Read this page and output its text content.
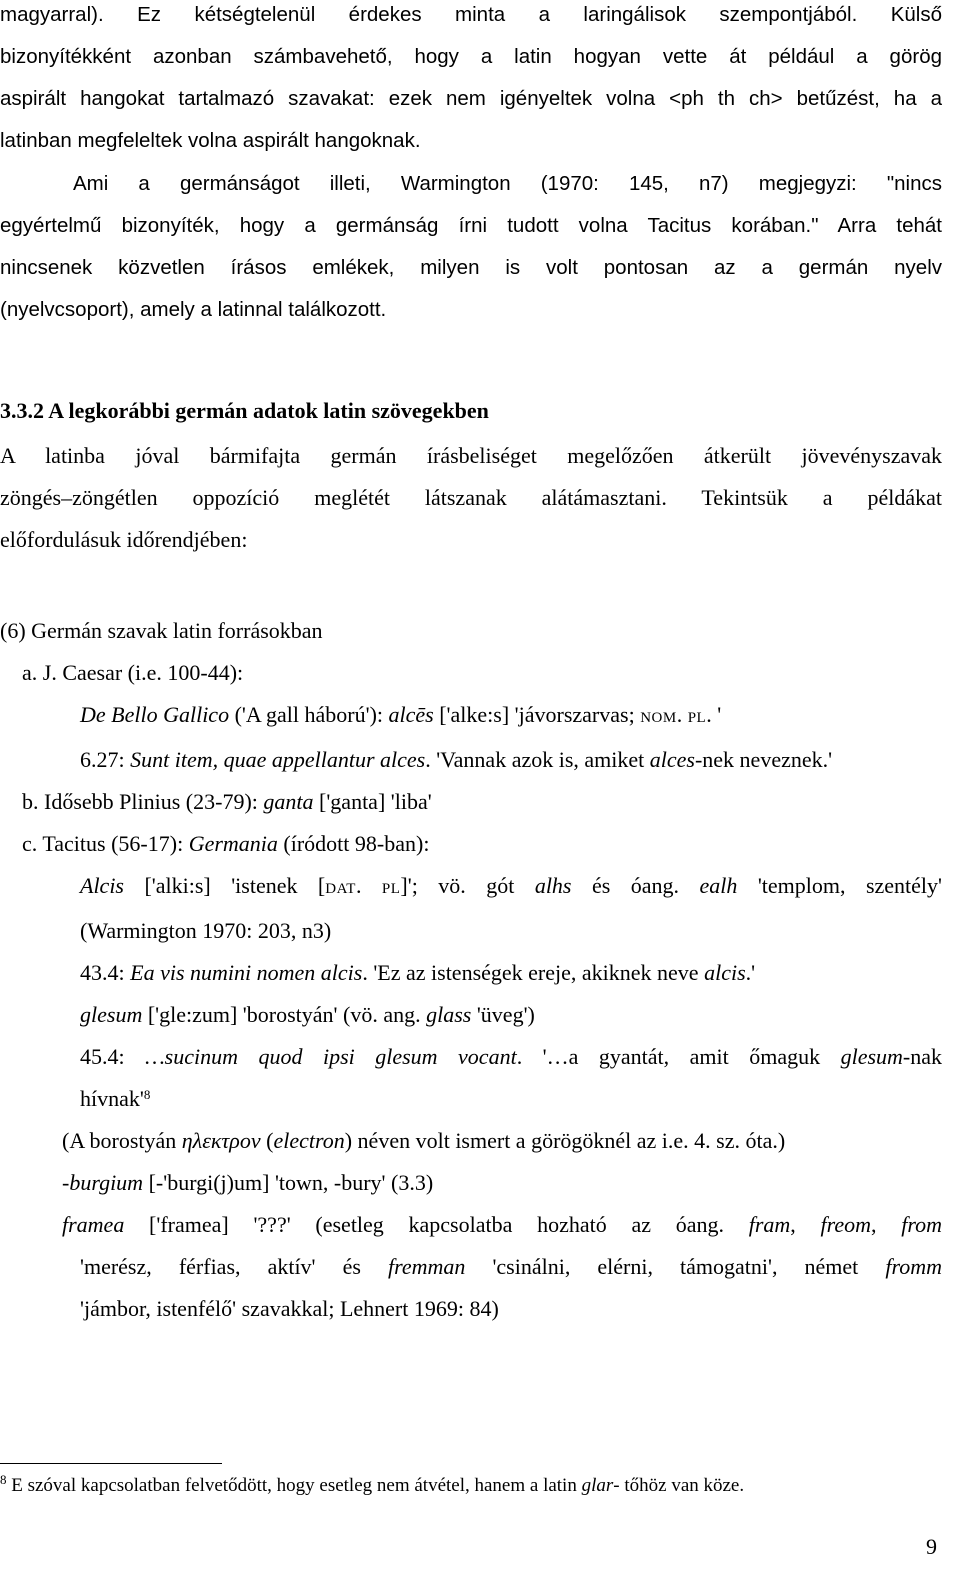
magyarral). Ez kétségtelenül érdekes minta a laringálisok szempontjából. Külső
bizonyítékként azonban számbavehető, hogy a latin hogyan vette át például a görög
aspirált hangokat tartalmazó szavakat: ezek nem igényeltek volna <ph th ch> betűzést, ha a
latinban megfeleltek volna aspirált hangoknak.
Ami a germánságot illeti, Warmington (1970: 145, n7) megjegyzi: "nincs
egyértelmű bizonyíték, hogy a germánság írni tudott volna Tacitus korában." Arra tehát
nincsenek közvetlen írásos emlékek, milyen is volt pontosan az a germán nyelv
(nyelvcsoport), amely a latinnal találkozott.
3.3.2 A legkorábbi germán adatok latin szövegekben
A latinba jóval bármifajta germán írásbeliséget megelőzően átkerült jövevényszavak
zöngés–zöngétlen oppozíció meglétét látszanak alátámasztani. Tekintsük a példákat
előfordulásuk időrendjében:
(6) Germán szavak latin forrásokban
a. J. Caesar (i.e. 100-44):
De Bello Gallico ('A gall háború'): alcēs ['alke:s] 'jávorszarvas; NOM. PL. '
6.27: Sunt item, quae appellantur alces. 'Vannak azok is, amiket alces-nek neveznek.'
b. Idősebb Plinius (23-79): ganta ['ganta] 'liba'
c. Tacitus (56-17): Germania (íródott 98-ban):
Alcis ['alki:s] 'istenek [DAT. PL]'; vö. gót alhs és óang. ealh 'templom, szentély'
(Warmington 1970: 203, n3)
43.4: Ea vis numini nomen alcis. 'Ez az istenségek ereje, akiknek neve alcis.'
glesum ['gle:zum] 'borostyán' (vö. ang. glass 'üveg')
45.4: …sucinum quod ipsi glesum vocant. '…a gyantát, amit őmaguk glesum-nak
$hívnak'^8$
(A borostyán ηλεκτρον (electron) néven volt ismert a görögöknél az i.e. 4. sz. óta.)
-burgium [-'burgi(j)um] 'town, -bury' (3.3)
framea ['framea] '???' (esetleg kapcsolatba hozható az óang. fram, freom, from
'merész, férfias, aktív' és fremman 'csinálni, elérni, támogatni', német fromm
'jámbor, istenfélő' szavakkal; Lehnert 1969: 84)
$^8$ E szóval kapcsolatban felvetődött, hogy esetleg nem átvétel, hanem a latin glar- tőhöz van köze.
9
